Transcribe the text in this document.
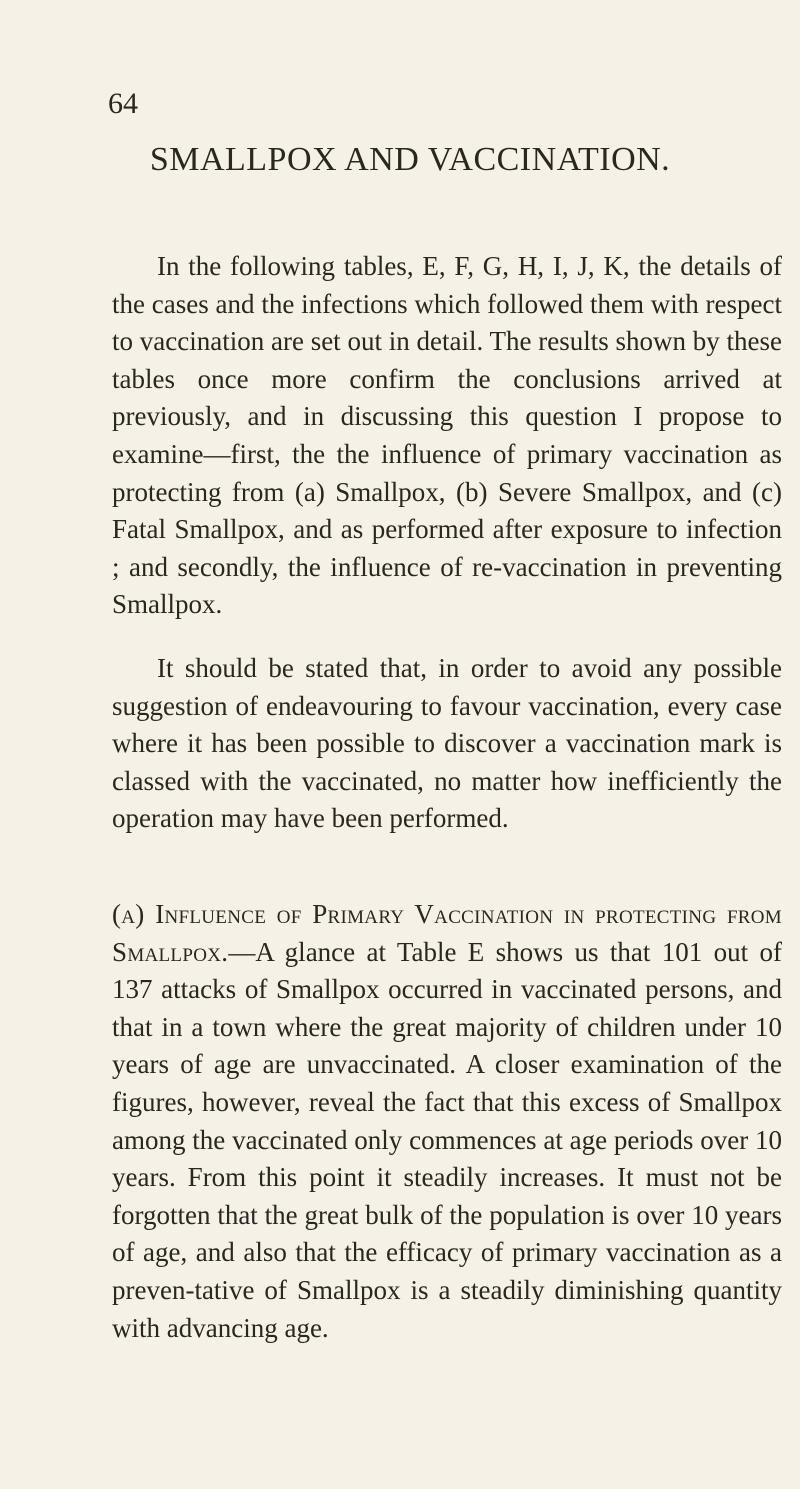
64

SMALLPOX AND VACCINATION.

In the following tables, E, F, G, H, I, J, K, the details of the cases and the infections which followed them with respect to vaccination are set out in detail. The results shown by these tables once more confirm the conclusions arrived at previously, and in discussing this question I propose to examine—first, the the influence of primary vaccination as protecting from (a) Smallpox, (b) Severe Smallpox, and (c) Fatal Smallpox, and as performed after exposure to infection ; and secondly, the influence of re-vaccination in preventing Smallpox.

It should be stated that, in order to avoid any possible suggestion of endeavouring to favour vaccination, every case where it has been possible to discover a vaccination mark is classed with the vaccinated, no matter how inefficiently the operation may have been performed.

(a) Influence of Primary Vaccination in protecting from Smallpox.—A glance at Table E shows us that 101 out of 137 attacks of Smallpox occurred in vaccinated persons, and that in a town where the great majority of children under 10 years of age are unvaccinated. A closer examination of the figures, however, reveal the fact that this excess of Smallpox among the vaccinated only commences at age periods over 10 years. From this point it steadily increases. It must not be forgotten that the great bulk of the population is over 10 years of age, and also that the efficacy of primary vaccination as a preven-tative of Smallpox is a steadily diminishing quantity with advancing age.
